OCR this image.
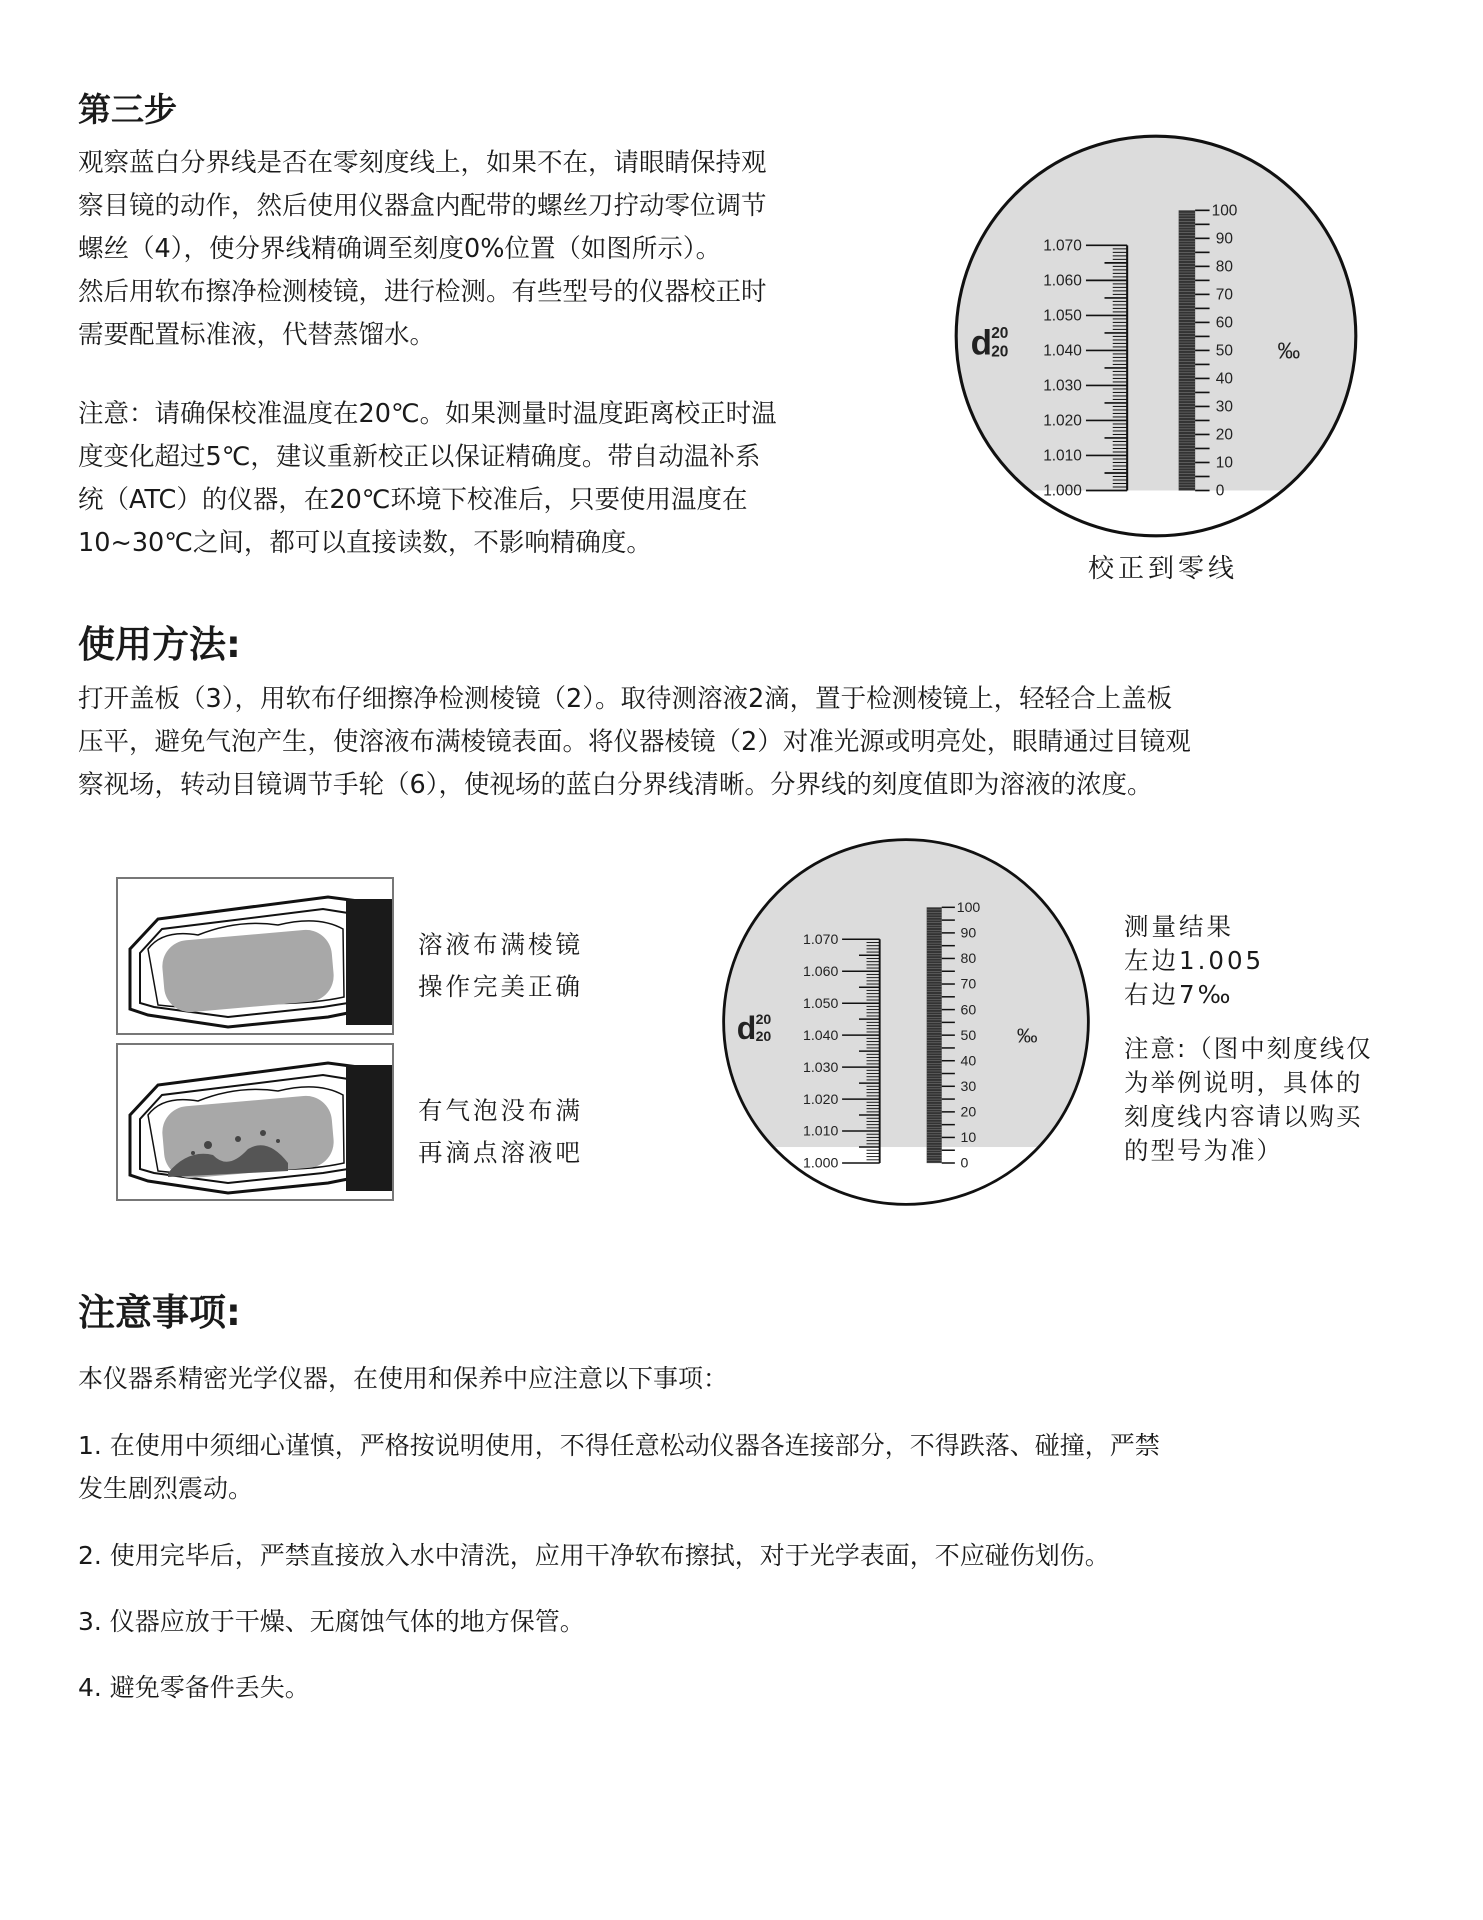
第三步
观察蓝白分界线是否在零刻度线上，如果不在，请眼睛保持观
察目镜的动作，然后使用仪器盒内配带的螺丝刀拧动零位调节
螺丝（4），使分界线精确调至刻度0%位置（如图所示）。
然后用软布擦净检测棱镜，进行检测。有些型号的仪器校正时
需要配置标准液，代替蒸馏水。
注意：请确保校准温度在20℃。如果测量时温度距离校正时温
度变化超过5℃，建议重新校正以保证精确度。带自动温补系
统（ATC）的仪器，在20℃环境下校准后，只要使用温度在
10~30℃之间，都可以直接读数，不影响精确度。
1.070
1.060
1.050
1.040
1.030
1.020
1.010
1.000
100
90
80
70
60
50
40
30
20
10
0
d 20
20	‰
校正到零线
使用方法:
打开盖板（3），用软布仔细擦净检测棱镜（2）。取待测溶液2滴，置于检测棱镜上，轻轻合上盖板
压平，避免气泡产生，使溶液布满棱镜表面。将仪器棱镜（2）对准光源或明亮处，眼睛通过目镜观
察视场，转动目镜调节手轮（6），使视场的蓝白分界线清晰。分界线的刻度值即为溶液的浓度。
溶液布满棱镜
操作完美正确
有气泡没布满
再滴点溶液吧
1.070
1.060
1.050
1.040
1.030
1.020
1.010
1.000
100
90
80
70
60
50
40
30
20
10
0
d 20
20	‰
测量结果
左边1.005
右边7‰
注意:（图中刻度线仅
为举例说明，具体的
刻度线内容请以购买
的型号为准）
注意事项:
本仪器系精密光学仪器，在使用和保养中应注意以下事项：
1. 在使用中须细心谨慎，严格按说明使用，不得任意松动仪器各连接部分，不得跌落、碰撞，严禁
发生剧烈震动。
2. 使用完毕后，严禁直接放入水中清洗，应用干净软布擦拭，对于光学表面，不应碰伤划伤。
3. 仪器应放于干燥、无腐蚀气体的地方保管。
4. 避免零备件丢失。
